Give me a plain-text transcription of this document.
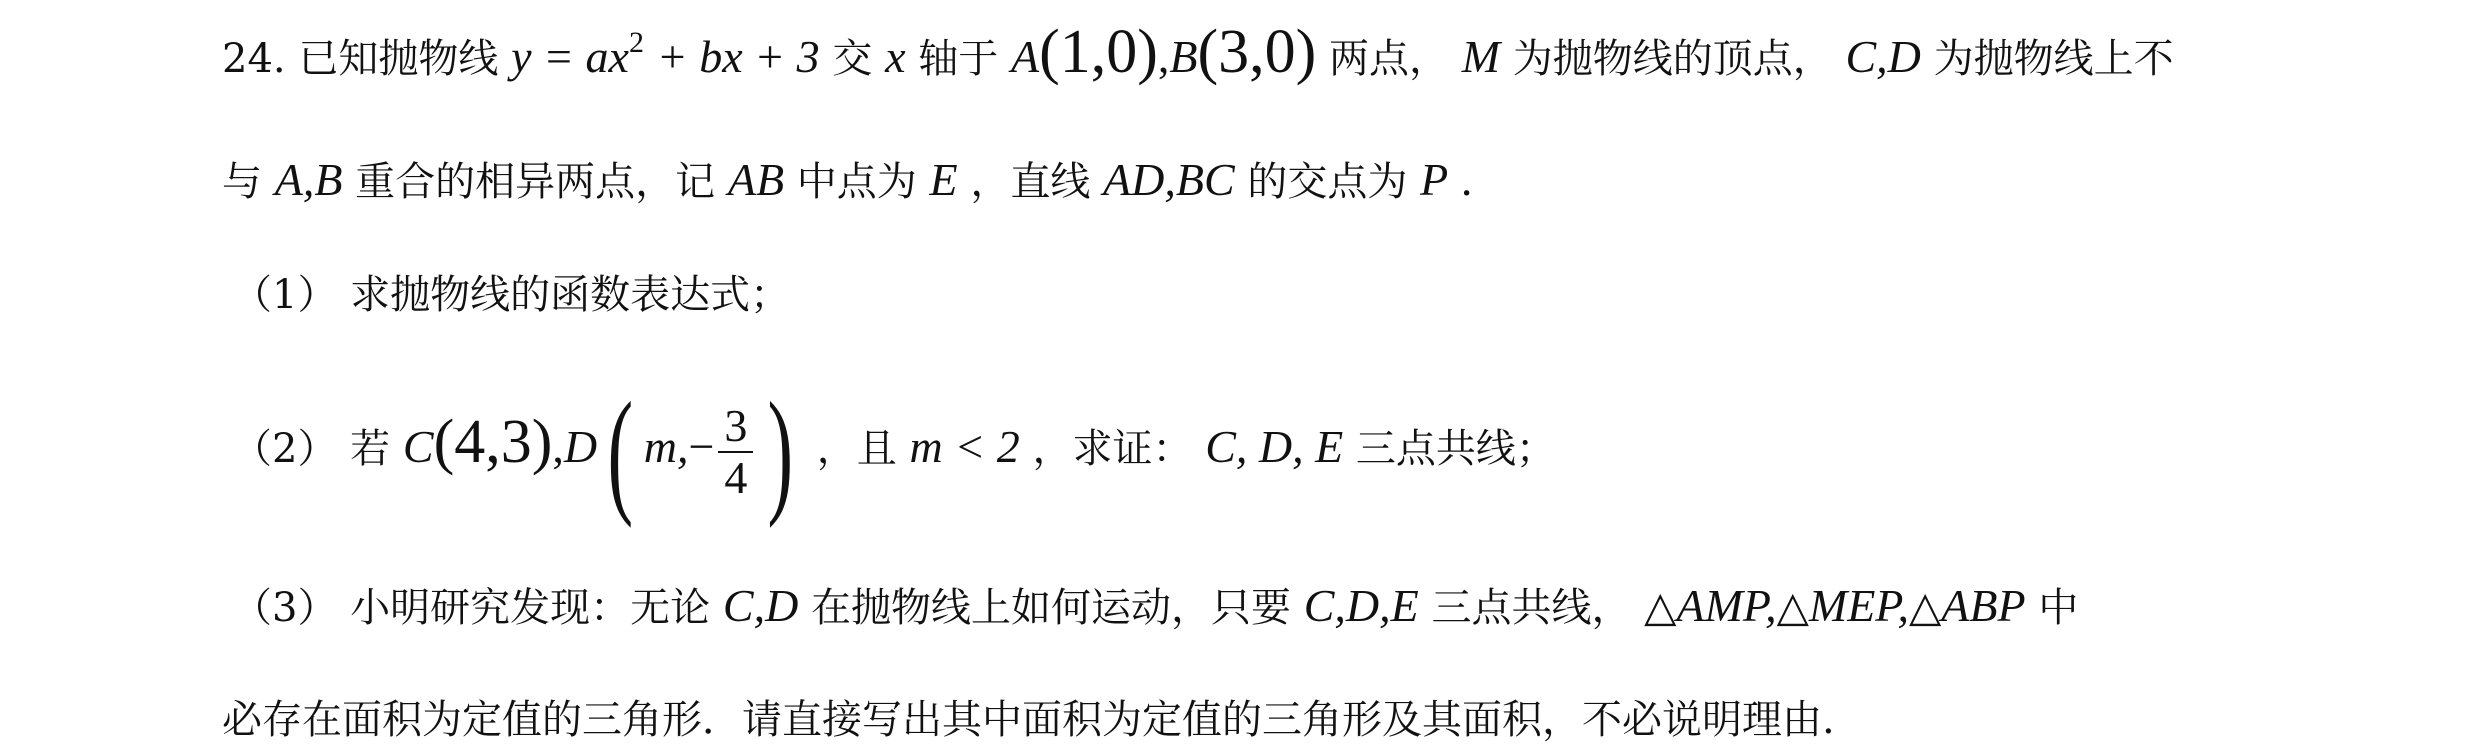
24. 已知抛物线 $y = ax^2$ + bx + 3 交 x 轴于 A(1,0),B(3,0) 两点， M 为抛物线的顶点， C,D 为抛物线上不
与 A,B 重合的相异两点，记 AB 中点为 E ，直线 AD,BC 的交点为 P .
（1） 求抛物线的函数表达式；
（2） 若 C(4,3),D( $m,- \frac{3}{4}$ ) ，且 m < 2 ，求证： C, D, E 三点共线；
（3） 小明研究发现：无论 C,D 在抛物线上如何运动，只要 C,D,E 三点共线， △AMP,△MEP,△ABP 中
必存在面积为定值的三角形．请直接写出其中面积为定值的三角形及其面积，不必说明理由.
